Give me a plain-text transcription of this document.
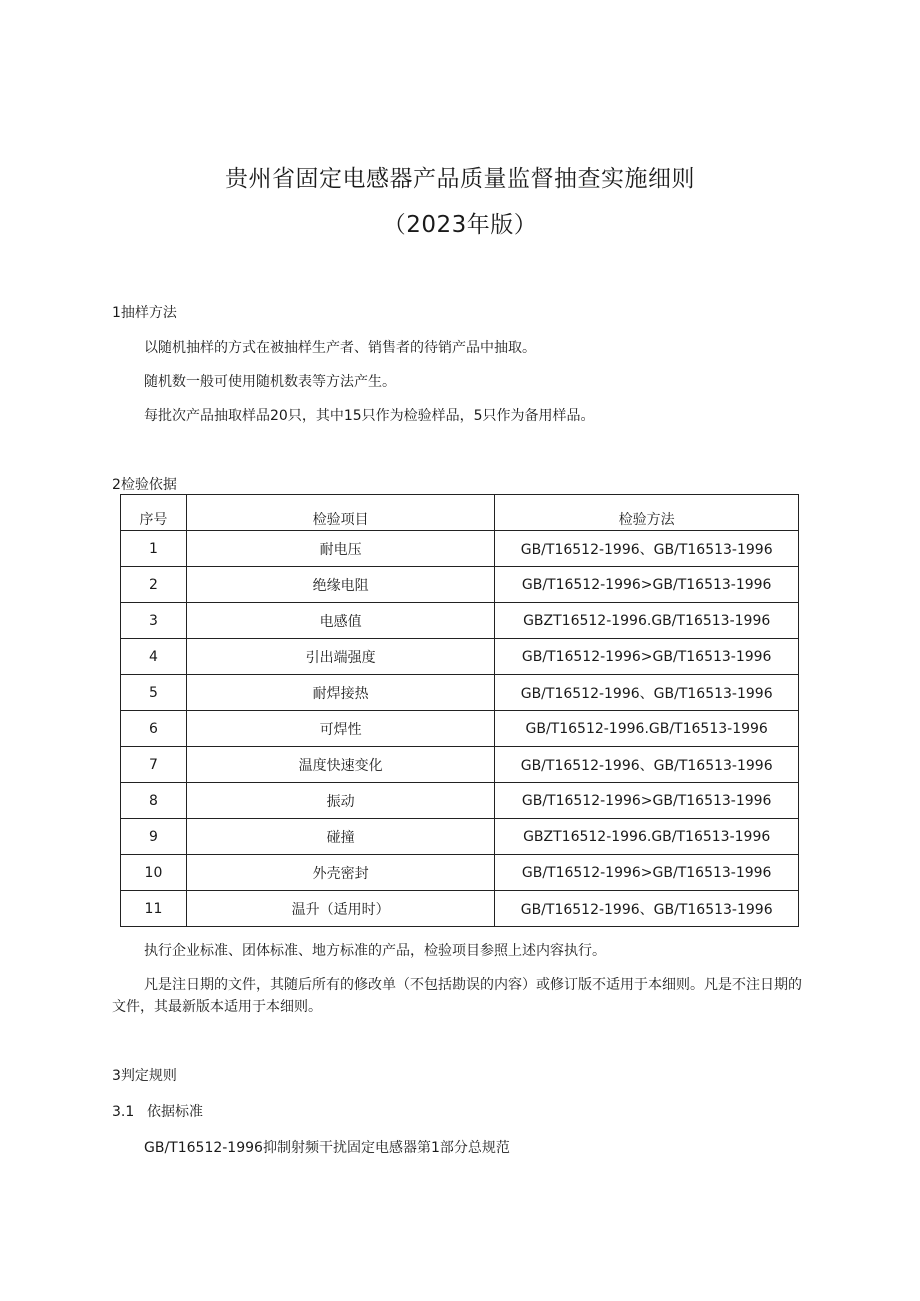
贵州省固定电感器产品质量监督抽查实施细则
（2023年版）
1抽样方法
以随机抽样的方式在被抽样生产者、销售者的待销产品中抽取。
随机数一般可使用随机数表等方法产生。
每批次产品抽取样品20只，其中15只作为检验样品，5只作为备用样品。
2检验依据
序号	检验项目	检验方法
1	耐电压	GB/T16512-1996、GB/T16513-1996
2	绝缘电阻	GB/T16512-1996>GB/T16513-1996
3	电感值	GBZT16512-1996.GB/T16513-1996
4	引出端强度	GB/T16512-1996>GB/T16513-1996
5	耐焊接热	GB/T16512-1996、GB/T16513-1996
6	可焊性	GB/T16512-1996.GB/T16513-1996
7	温度快速变化	GB/T16512-1996、GB/T16513-1996
8	振动	GB/T16512-1996>GB/T16513-1996
9	碰撞	GBZT16512-1996.GB/T16513-1996
10	外壳密封	GB/T16512-1996>GB/T16513-1996
11	温升（适用时）	GB/T16512-1996、GB/T16513-1996
执行企业标准、团体标准、地方标准的产品，检验项目参照上述内容执行。
凡是注日期的文件，其随后所有的修改单（不包括勘误的内容）或修订版不适用于本细则。凡是不注日期的文件，其最新版本适用于本细则。
3判定规则
3.1 依据标准
GB/T16512-1996抑制射频干扰固定电感器第1部分总规范
